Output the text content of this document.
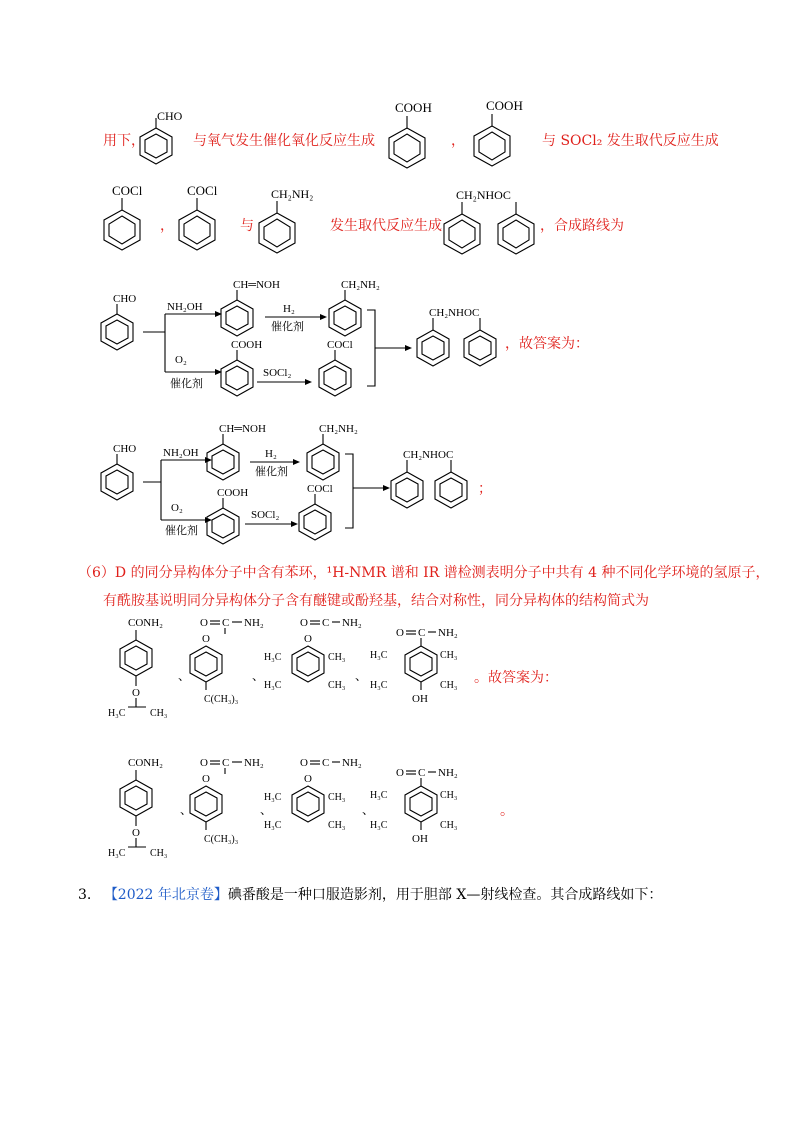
用下，
CHO
与氧气发生催化氧化反应生成
COOH
，
COOH
与 SOCl₂ 发生取代反应生成
COCl
，
COCl
与
CH₂NH₂
发生取代反应生成
CH₂NHOC
，合成路线为
CHO
NH₂OH
O₂
催化剂
CH═NOH
H₂
催化剂
CH₂NH₂
COOH
SOCl₂
COCl
CH₂NHOC
，故答案为：
CHO NH₂OH
O₂
催化剂
CH═NOH
H₂
催化剂
CH₂NH₂
COOH
SOCl₂
COCl
CH₂NHOC
；
（6）D 的同分异构体分子中含有苯环，¹H-NMR 谱和 IR 谱检测表明分子中共有 4 种不同化学环境的氢原子，
有酰胺基说明同分异构体分子含有醚键或酚羟基，结合对称性，同分异构体的结构简式为
CONH₂
O
H₃C CH₃
、
O C NH₂
O
C(CH₃)₃
、
O C NH₂
O
H₃C	CH₃
H₃C	CH₃
、
O C NH₂
H₃C	CH₃
H₃C	CH₃
OH
。故答案为：
CONH₂
O
H₃C CH₃
、
O C NH₂
O
C(CH₃)₃
、
O C NH₂
O
H₃C	CH₃
H₃C	CH₃
、
O C NH₂
H₃C	CH₃
H₃C	CH₃
OH
。
3. 【2022 年北京卷】碘番酸是一种口服造影剂，用于胆部 X—射线检查。其合成路线如下：
